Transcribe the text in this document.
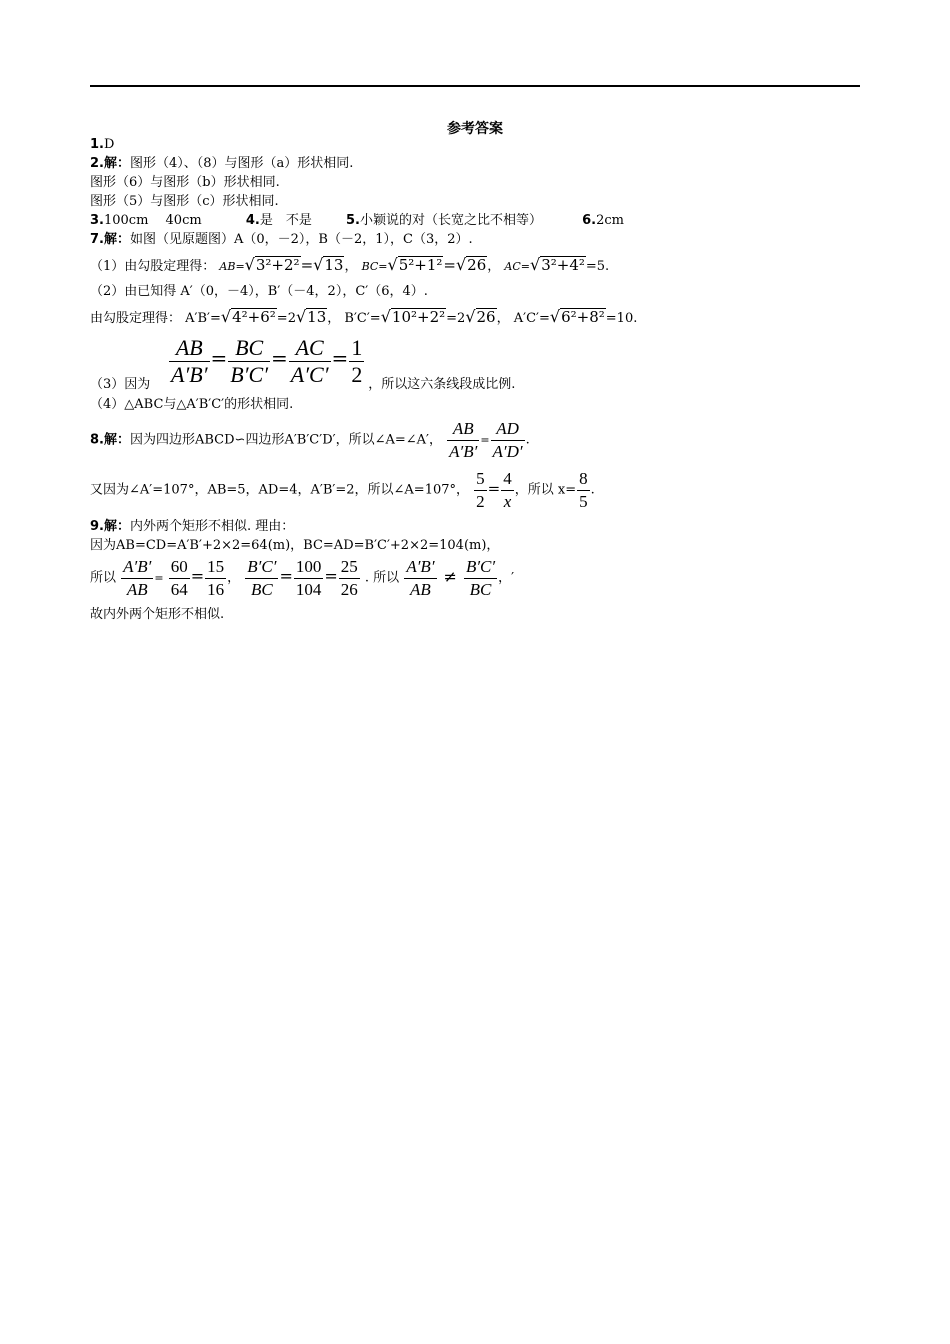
参考答案
1.D
2.解：图形（4）、（8）与图形（a）形状相同.
图形（6）与图形（b）形状相同.
图形（5）与图形（c）形状相同.
3.100cm　 40cm	4.是　不是	5.小颖说的对（长宽之比不相等）	6.2cm
7.解：如图（见原题图）A（0，－2），B（－2，1），C（3，2）.
（1）由勾股定理得： AB=√3²+2²=√13， BC=√5²+1²=√26， AC=√3²+4²=5.
（2）由已知得 A′（0，－4），B′（－4，2），C′（6，4）.
由勾股定理得： A′B′=√4²+6²=2√13， B′C′=√10²+2²=2√26， A′C′=√6²+8²=10.
$\frac{AB}{A'B'} = \frac{BC}{B'C'} = \frac{AC}{A'C'} = \frac{1}{2}$
（3）因为	，所以这六条线段成比例.
（4）△ABC与△A′B′C′的形状相同.
8.解：因为四边形ABCD∽四边形A′B′C′D′，所以∠A=∠A′， $\frac{AB}{A'B'} = \frac{AD}{A'D'}$ .
又因为∠A′=107°，AB=5，AD=4，A′B′=2，所以∠A=107°， $\frac{5}{2} = \frac{4}{x}$ ，所以 $x= \frac{8}{5}$ .
9.解：内外两个矩形不相似. 理由：
因为AB=CD=A′B′+2×2=64(m)，BC=AD=B′C′+2×2=104(m)，
所以 $\frac{A'B'}{AB} = \frac{60}{64} = \frac{15}{16}$ ， $\frac{B'C'}{BC} = \frac{100}{104} = \frac{25}{26}$ . 所以 $\frac{A'B'}{AB} \ne \frac{B'C'}{BC}$ ，′
故内外两个矩形不相似.
